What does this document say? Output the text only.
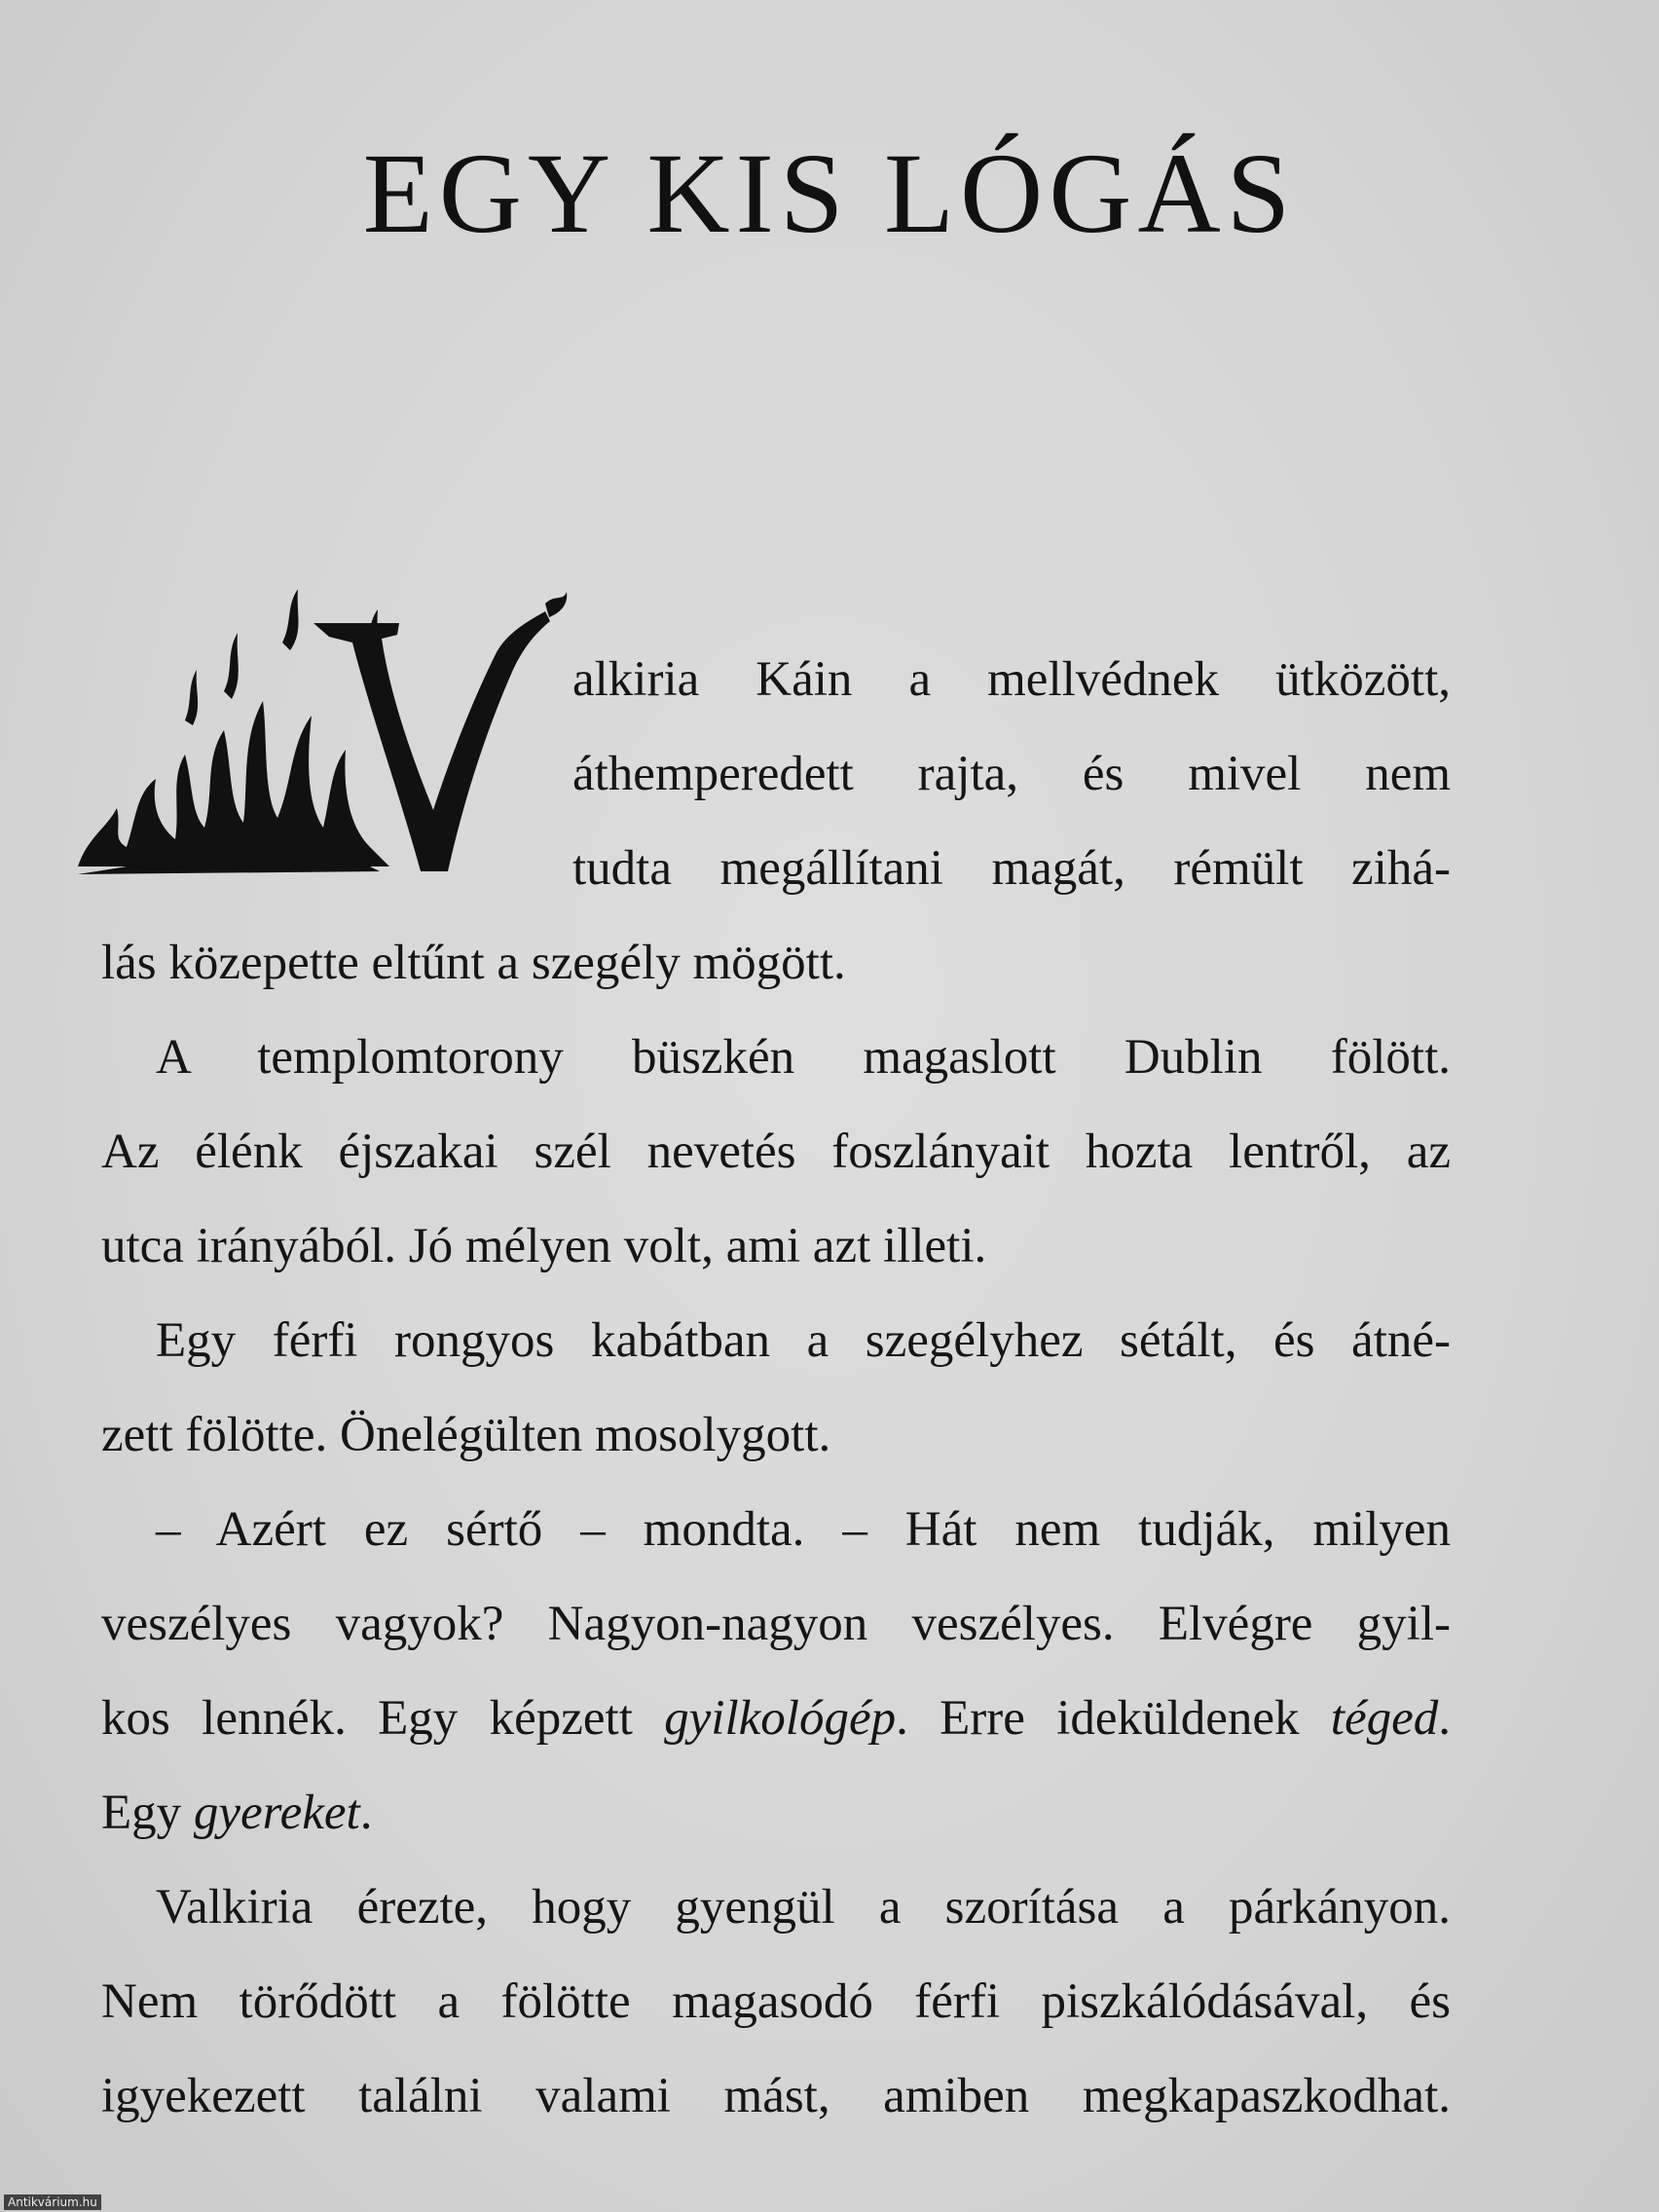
EGY KIS LÓGÁS
alkiria Káin a mellvédnek ütközött,
áthemperedett rajta, és mivel nem
tudta megállítani magát, rémült zihá-
lás közepette eltűnt a szegély mögött.
A templomtorony büszkén magaslott Dublin fölött.
Az élénk éjszakai szél nevetés foszlányait hozta lentről, az
utca irányából. Jó mélyen volt, ami azt illeti.
Egy férfi rongyos kabátban a szegélyhez sétált, és átné-
zett fölötte. Önelégülten mosolygott.
– Azért ez sértő – mondta. – Hát nem tudják, milyen
veszélyes vagyok? Nagyon-nagyon veszélyes. Elvégre gyil-
kos lennék. Egy képzett gyilkológép. Erre ideküldenek téged.
Egy gyereket.
Valkiria érezte, hogy gyengül a szorítása a párkányon.
Nem törődött a fölötte magasodó férfi piszkálódásával, és
igyekezett találni valami mást, amiben megkapaszkodhat.
Antikvárium.hu
